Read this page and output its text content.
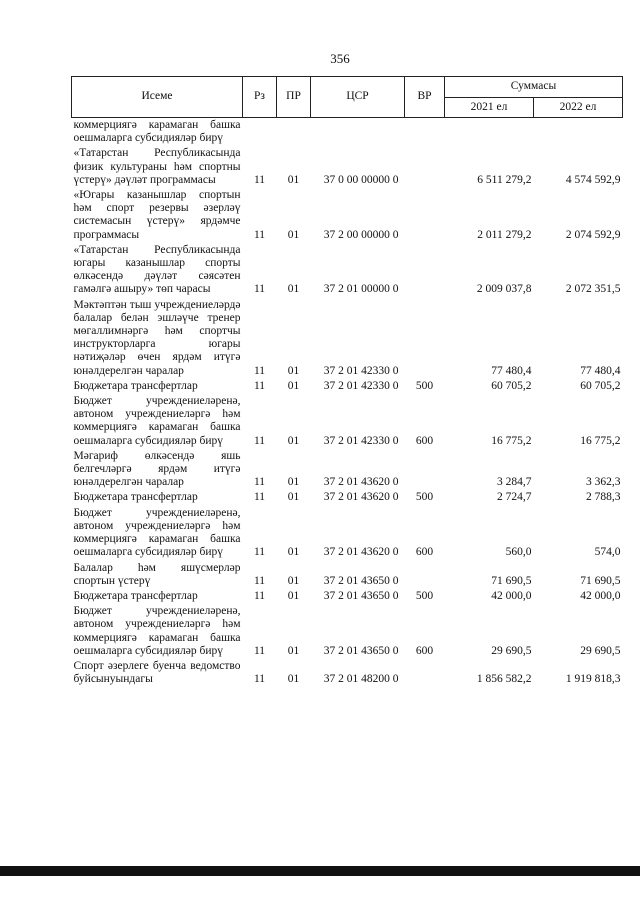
356
Исеме	Рз	ПР	ЦСР	ВР	Суммасы	
					2021 ел	2022 ел
коммерциягә карамаган башка оешмаларга субсидияләр бирү						
«Татарстан Республикасында физик культураны һәм спортны үстерү» дәүләт программасы	11	01	37 0 00 00000 0		6 511 279,2	4 574 592,9
«Югары казанышлар спортын һәм спорт резервы әзерләү системасын үстерү» ярдәмче программасы	11	01	37 2 00 00000 0		2 011 279,2	2 074 592,9
«Татарстан Республикасында югары казанышлар спорты өлкәсендә дәүләт сәясәтен гамәлгә ашыру» төп чарасы	11	01	37 2 01 00000 0		2 009 037,8	2 072 351,5
Мәктәптән тыш учреждениеләрдә балалар белән эшләүче тренер мөгаллимнәргә һәм спортчы инструкторларга югары нәтиҗәләр өчен ярдәм итүгә юнәлдерелгән чаралар	11	01	37 2 01 42330 0		77 480,4	77 480,4
Бюджетара трансфертлар	11	01	37 2 01 42330 0	500	60 705,2	60 705,2
Бюджет учреждениеләренә, автоном учреждениеләргә һәм коммерциягә карамаган башка оешмаларга субсидияләр бирү	11	01	37 2 01 42330 0	600	16 775,2	16 775,2
Мәгариф өлкәсендә яшь белгечләргә ярдәм итүгә юнәлдерелгән чаралар	11	01	37 2 01 43620 0		3 284,7	3 362,3
Бюджетара трансфертлар	11	01	37 2 01 43620 0	500	2 724,7	2 788,3
Бюджет учреждениеләренә, автоном учреждениеләргә һәм коммерциягә карамаган башка оешмаларга субсидияләр бирү	11	01	37 2 01 43620 0	600	560,0	574,0
Балалар һәм яшүсмерләр спортын үстерү	11	01	37 2 01 43650 0		71 690,5	71 690,5
Бюджетара трансфертлар	11	01	37 2 01 43650 0	500	42 000,0	42 000,0
Бюджет учреждениеләренә, автоном учреждениеләргә һәм коммерциягә карамаган башка оешмаларга субсидияләр бирү	11	01	37 2 01 43650 0	600	29 690,5	29 690,5
Спорт әзерлеге буенча ведомство буйсынуындагы	11	01	37 2 01 48200 0		1 856 582,2	1 919 818,3
